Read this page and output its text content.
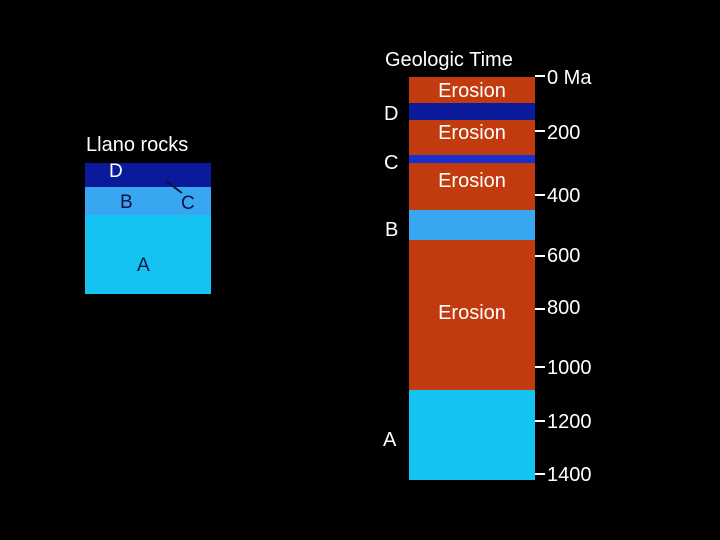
Llano rocks
D
B	C
A
Geologic Time
Erosion
Erosion
Erosion
Erosion
D
C
B
A
0 Ma
200
400
600
800
1000
1200
1400
